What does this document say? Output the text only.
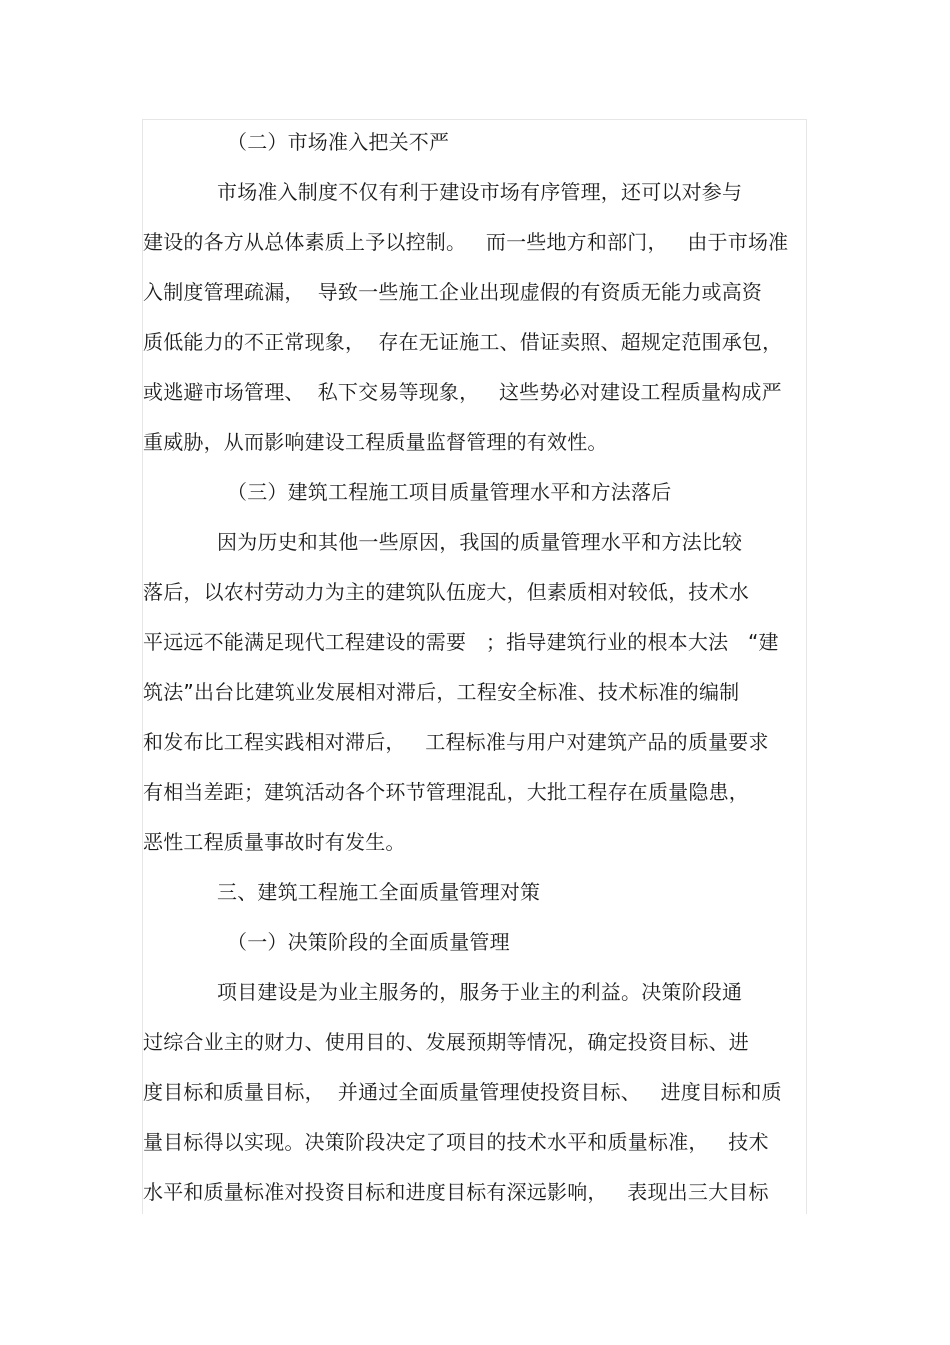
（二）市场准入把关不严
市场准入制度不仅有利于建设市场有序管理，还可以对参与
建设的各方从总体素质上予以控制。   而一些地方和部门，   由于市场准
入制度管理疏漏，  导致一些施工企业出现虚假的有资质无能力或高资
质低能力的不正常现象，  存在无证施工、借证卖照、超规定范围承包，
或逃避市场管理、  私下交易等现象，   这些势必对建设工程质量构成严
重威胁，从而影响建设工程质量监督管理的有效性。
（三）建筑工程施工项目质量管理水平和方法落后
因为历史和其他一些原因，我国的质量管理水平和方法比较
落后，以农村劳动力为主的建筑队伍庞大，但素质相对较低，技术水
平远远不能满足现代工程建设的需要   ；指导建筑行业的根本大法   “建
筑法”出台比建筑业发展相对滞后，工程安全标准、技术标准的编制
和发布比工程实践相对滞后，   工程标准与用户对建筑产品的质量要求
有相当差距；建筑活动各个环节管理混乱，大批工程存在质量隐患，
恶性工程质量事故时有发生。
三、建筑工程施工全面质量管理对策
（一）决策阶段的全面质量管理
项目建设是为业主服务的，服务于业主的利益。决策阶段通
过综合业主的财力、使用目的、发展预期等情况，确定投资目标、进
度目标和质量目标，  并通过全面质量管理使投资目标、   进度目标和质
量目标得以实现。决策阶段决定了项目的技术水平和质量标准，   技术
水平和质量标准对投资目标和进度目标有深远影响，   表现出三大目标
